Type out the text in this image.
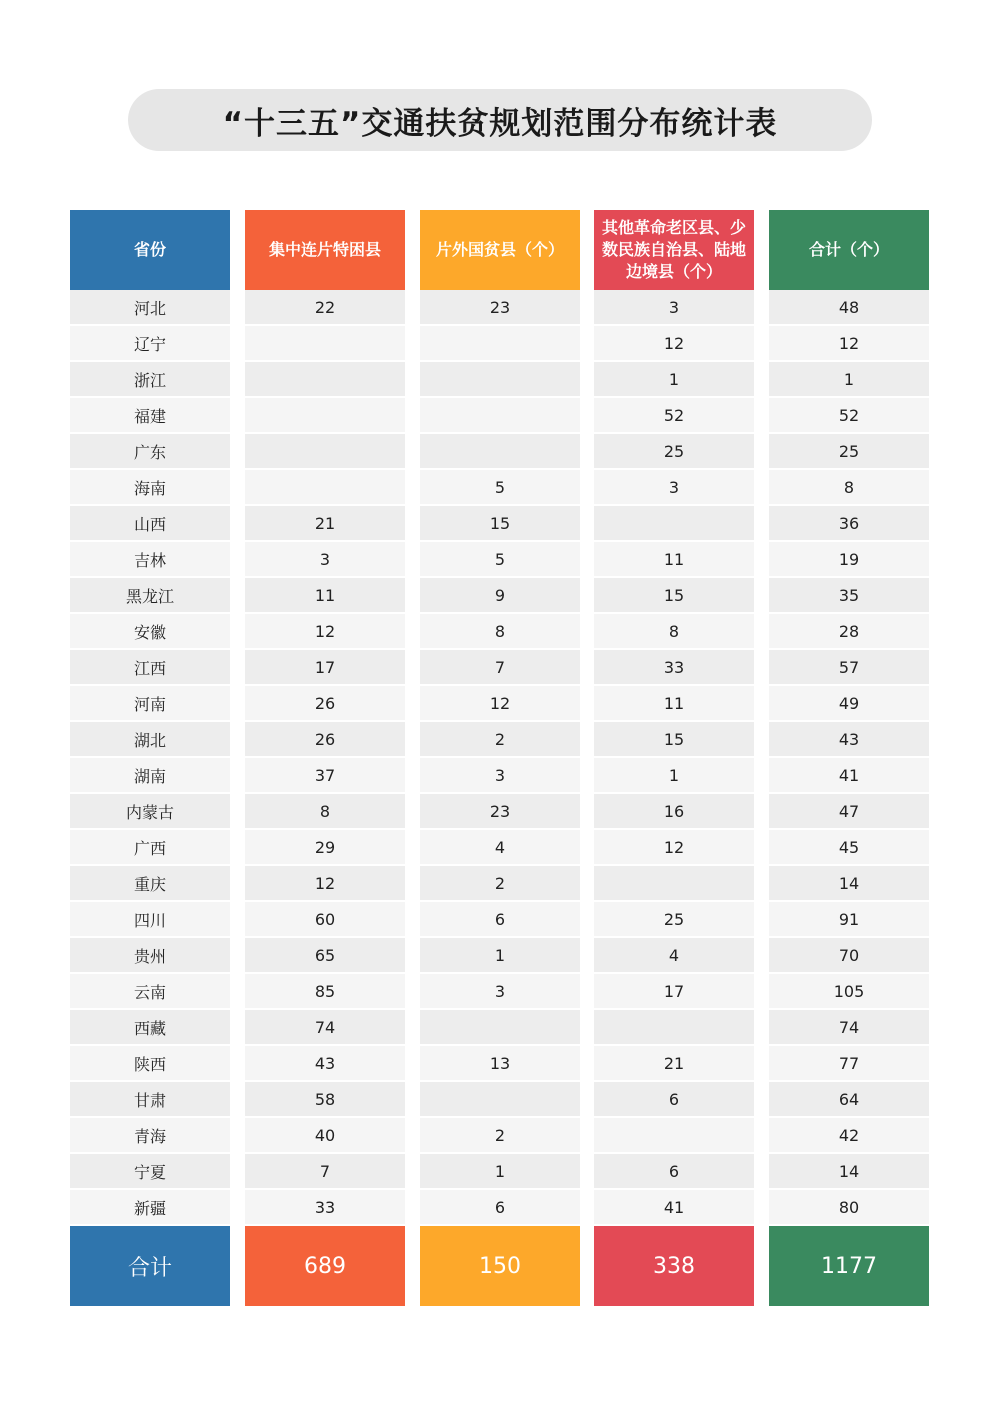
“十三五”交通扶贫规划范围分布统计表
省份
河北
辽宁
浙江
福建
广东
海南
山西
吉林
黑龙江
安徽
江西
河南
湖北
湖南
内蒙古
广西
重庆
四川
贵州
云南
西藏
陕西
甘肃
青海
宁夏
新疆
合计
集中连片特困县
22
21
3
11
12
17
26
26
37
8
29
12
60
65
85
74
43
58
40
7
33
689
片外国贫县（个）
23
5
15
5
9
8
7
12
2
3
23
4
2
6
1
3
13
2
1
6
150
其他革命老区县、少数民族自治县、陆地边境县（个）
3
12
1
52
25
3
11
15
8
33
11
15
1
16
12
25
4
17
21
6
6
41
338
合计（个）
48
12
1
52
25
8
36
19
35
28
57
49
43
41
47
45
14
91
70
105
74
77
64
42
14
80
1177
